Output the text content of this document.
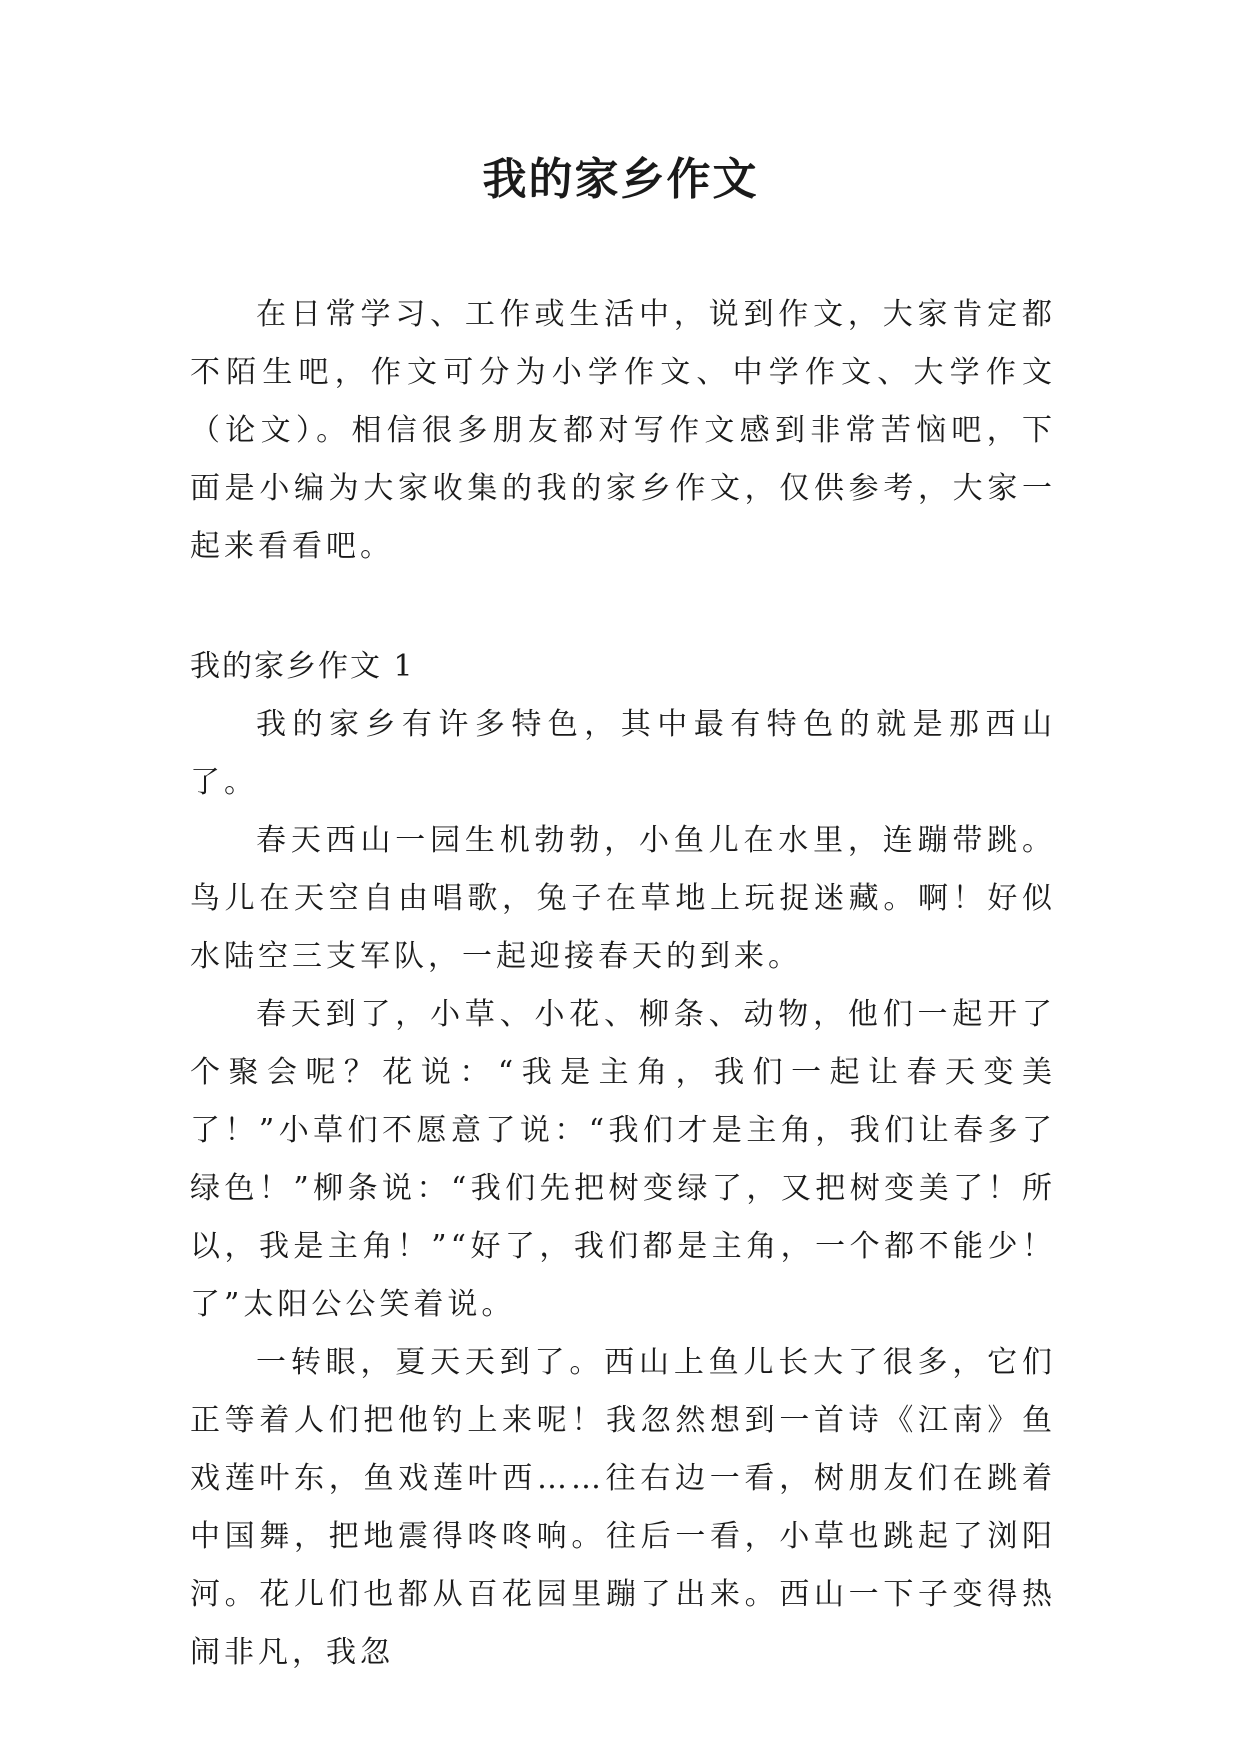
我的家乡作文

在日常学习、工作或生活中，说到作文，大家肯定都不陌生吧，作文可分为小学作文、中学作文、大学作文（论文）。相信很多朋友都对写作文感到非常苦恼吧，下面是小编为大家收集的我的家乡作文，仅供参考，大家一起来看看吧。

我的家乡作文 1

我的家乡有许多特色，其中最有特色的就是那西山了。

春天西山一园生机勃勃，小鱼儿在水里，连蹦带跳。鸟儿在天空自由唱歌，兔子在草地上玩捉迷藏。啊！好似水陆空三支军队，一起迎接春天的到来。

春天到了，小草、小花、柳条、动物，他们一起开了个聚会呢？花说：“我是主角，我们一起让春天变美了！”小草们不愿意了说：“我们才是主角，我们让春多了绿色！”柳条说：“我们先把树变绿了，又把树变美了！所以，我是主角！”“好了，我们都是主角，一个都不能少！了”太阳公公笑着说。

一转眼，夏天天到了。西山上鱼儿长大了很多，它们正等着人们把他钓上来呢！我忽然想到一首诗《江南》鱼戏莲叶东，鱼戏莲叶西……往右边一看，树朋友们在跳着中国舞，把地震得咚咚响。往后一看，小草也跳起了浏阳河。花儿们也都从百花园里蹦了出来。西山一下子变得热闹非凡，我忽
